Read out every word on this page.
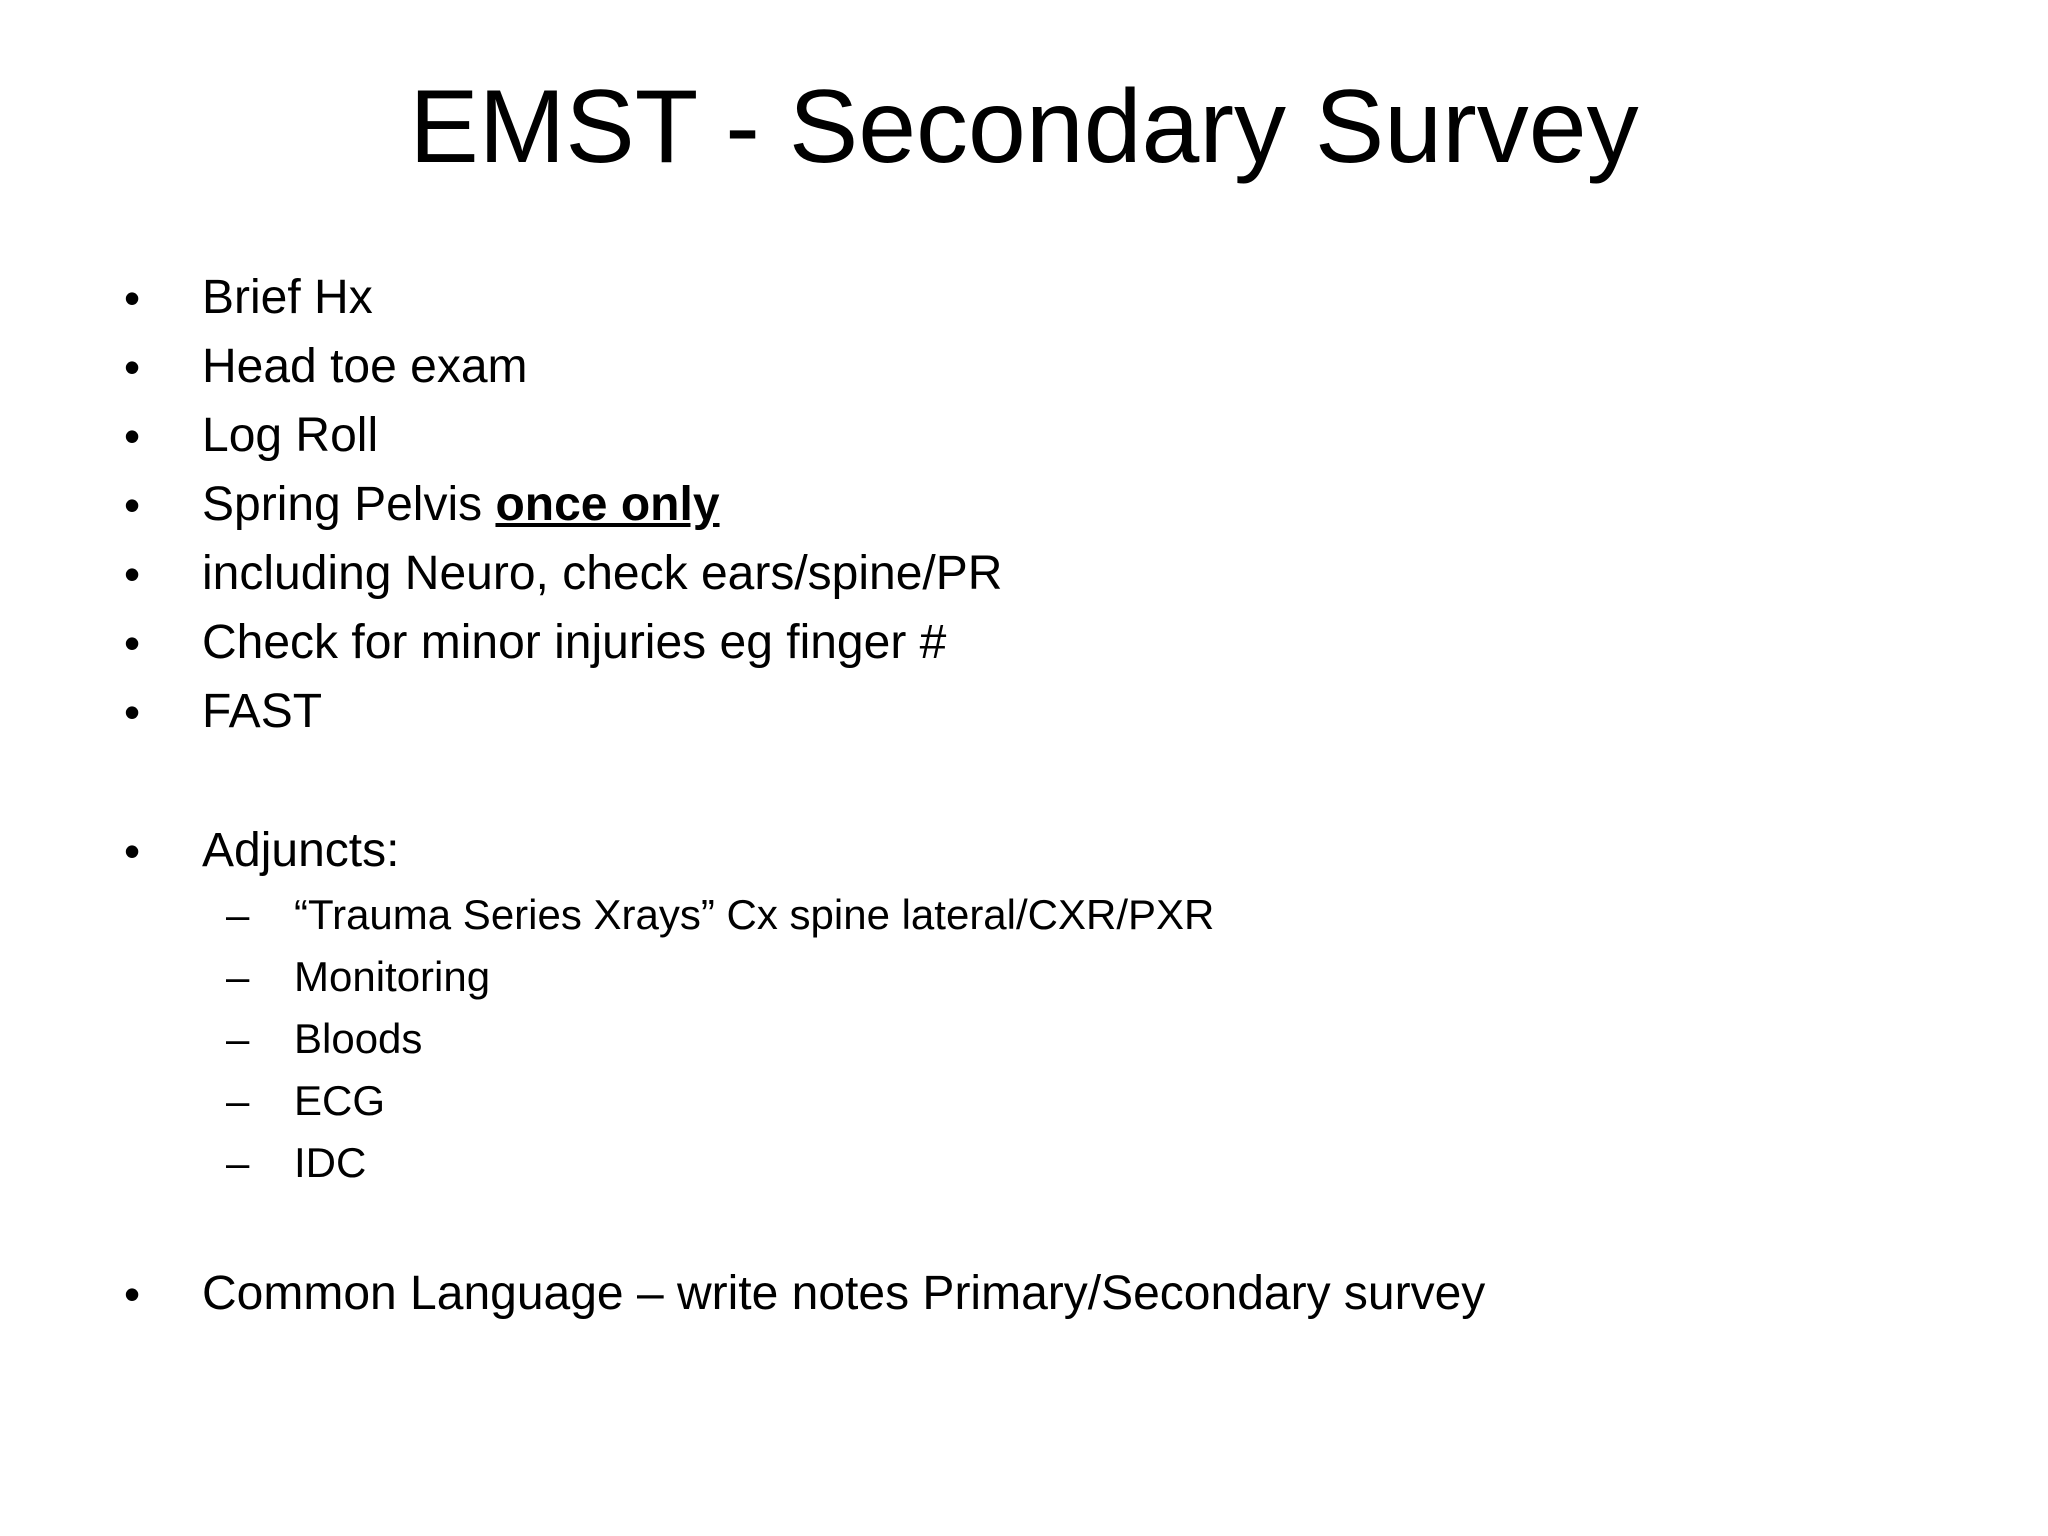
EMST - Secondary Survey
• Brief Hx
• Head toe exam
• Log Roll
• Spring Pelvis once only
• including Neuro, check ears/spine/PR
• Check for minor injuries eg finger #
• FAST
• Adjuncts:
– “Trauma Series Xrays” Cx spine lateral/CXR/PXR
– Monitoring
– Bloods
– ECG
– IDC
• Common Language – write notes Primary/Secondary survey
